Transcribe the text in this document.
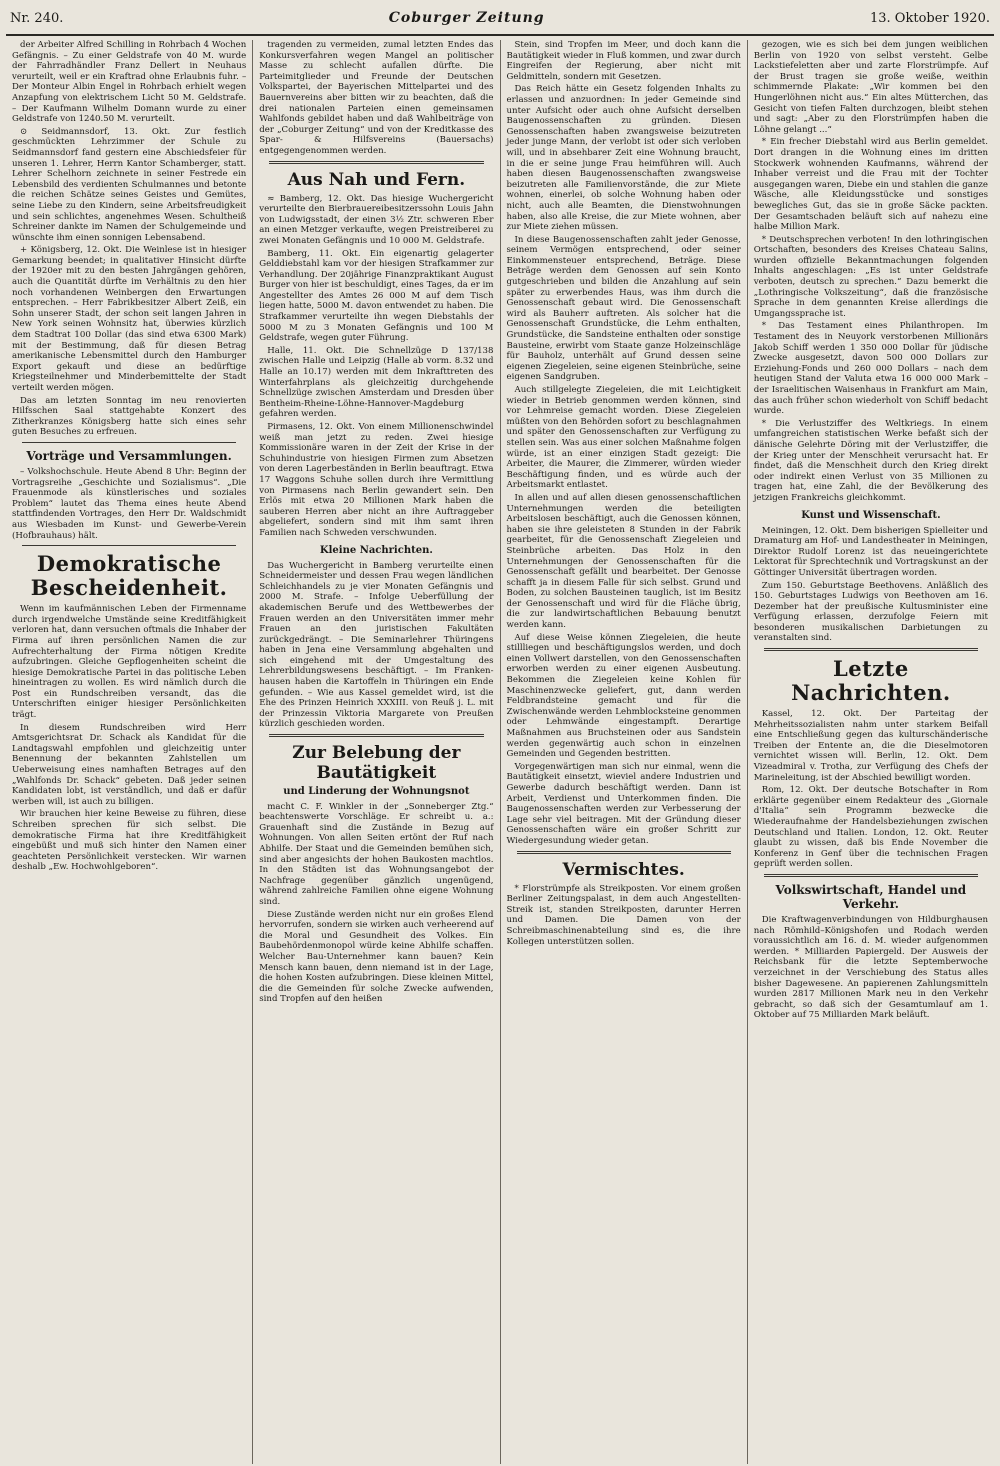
Nr. 240.	Coburger Zeitung	13. Oktober 1920.

der Arbeiter Alfred Schilling in Rohrbach 4 Wochen Gefängnis. – Zu einer Geldstrafe von 40 M. wurde der Fahrradhändler Franz Dellert in Neuhaus verurteilt, weil er ein Kraftrad ohne Erlaubnis fuhr. – Der Monteur Albin Engel in Rohrbach erhielt wegen Anzapfung von elektrischem Licht 50 M. Geldstrafe. – Der Kaufmann Wilhelm Domann wurde zu einer Geldstrafe von 1240.50 M. verurteilt.

⊙ Seidmannsdorf, 13. Okt. Zur festlich geschmückten Lehrzimmer der Schule zu Seidmannsdorf fand gestern eine Abschiedsfeier für unseren 1. Lehrer, Herrn Kantor Schamberger, statt. Lehrer Schelhorn zeichnete in seiner Festrede ein Lebensbild des verdienten Schulmannes und betonte die reichen Schätze seines Geistes und Gemütes, seine Liebe zu den Kindern, seine Arbeitsfreudigkeit und sein schlichtes, angenehmes Wesen. Schultheiß Schreiner dankte im Namen der Schulgemeinde und wünschte ihm einen sonnigen Lebensabend.

+ Königsberg, 12. Okt. Die Weinlese ist in hiesiger Gemarkung beendet; in qualitativer Hinsicht dürfte der 1920er mit zu den besten Jahrgängen gehören, auch die Quantität dürfte im Verhältnis zu den hier noch vorhandenen Weinbergen den Erwartungen entsprechen. – Herr Fabrikbesitzer Albert Zeiß, ein Sohn unserer Stadt, der schon seit langen Jahren in New York seinen Wohnsitz hat, überwies kürzlich dem Stadtrat 100 Dollar (das sind etwa 6300 Mark) mit der Bestimmung, daß für diesen Betrag amerikanische Lebensmittel durch den Hamburger Export gekauft und diese an bedürftige Kriegsteilnehmer und Minderbemittelte der Stadt verteilt werden mögen.

Das am letzten Sonntag im neu renovierten Hilfsschen Saal stattgehabte Konzert des Zitherkranzes Königsberg hatte sich eines sehr guten Besuches zu erfreuen.

Vorträge und Versammlungen.

– Volkshochschule. Heute Abend 8 Uhr: Beginn der Vortragsreihe „Geschichte und Sozialismus“. „Die Frauenmode als künstlerisches und soziales Problem“ lautet das Thema eines heute Abend stattfindenden Vortrages, den Herr Dr. Waldschmidt aus Wiesbaden im Kunst- und Gewerbe-Verein (Hofbrauhaus) hält.

Demokratische Bescheidenheit.

Wenn im kaufmännischen Leben der Firmenname durch irgendwelche Umstände seine Kreditfähigkeit verloren hat, dann versuchen oftmals die Inhaber der Firma auf ihren persönlichen Namen die zur Aufrechterhaltung der Firma nötigen Kredite aufzubringen. Gleiche Gepflogenheiten scheint die hiesige Demokratische Partei in das politische Leben hineintragen zu wollen. Es wird nämlich durch die Post ein Rundschreiben versandt, das die Unterschriften einiger hiesiger Persönlichkeiten trägt.

In diesem Rundschreiben wird Herr Amtsgerichtsrat Dr. Schack als Kandidat für die Landtagswahl empfohlen und gleichzeitig unter Benennung der bekannten Zahlstellen um Ueberweisung eines namhaften Betrages auf den „Wahlfonds Dr. Schack“ gebeten. Daß jeder seinen Kandidaten lobt, ist verständlich, und daß er dafür werben will, ist auch zu billigen.

Wir brauchen hier keine Beweise zu führen, diese Schreiben sprechen für sich selbst. Die demokratische Firma hat ihre Kreditfähigkeit eingebüßt und muß sich hinter den Namen einer geachteten Persönlichkeit verstecken. Wir warnen deshalb „Ew. Hochwohlgeboren“.

tragenden zu vermeiden, zumal letzten Endes das Konkursverfahren wegen Mangel an politischer Masse zu schlecht aufallen dürfte. Die Parteimitglieder und Freunde der Deutschen Volkspartei, der Bayerischen Mittelpartei und des Bauernvereins aber bitten wir zu beachten, daß die drei nationalen Parteien einen gemeinsamen Wahlfonds gebildet haben und daß Wahlbeiträge von der „Coburger Zeitung“ und von der Kreditkasse des Spar- & Hilfsvereins (Bauersachs) entgegengenommen werden.

Aus Nah und Fern.

≈ Bamberg, 12. Okt. Das hiesige Wuchergericht verurteilte den Bierbrauereibesitzerssohn Louis Jahn von Ludwigsstadt, der einen 3½ Ztr. schweren Eber an einen Metzger verkaufte, wegen Preistreiberei zu zwei Monaten Gefängnis und 10 000 M. Geldstrafe.

Bamberg, 11. Okt. Ein eigenartig gelagerter Gelddiebstahl kam vor der hiesigen Strafkammer zur Verhandlung. Der 20jährige Finanzpraktikant August Burger von hier ist beschuldigt, eines Tages, da er im Angestellter des Amtes 26 000 M auf dem Tisch liegen hatte, 5000 M. davon entwendet zu haben. Die Strafkammer verurteilte ihn wegen Diebstahls der 5000 M zu 3 Monaten Gefängnis und 100 M Geldstrafe, wegen guter Führung.

Halle, 11. Okt. Die Schnellzüge D 137/138 zwischen Halle und Leipzig (Halle ab vorm. 8.32 und Halle an 10.17) werden mit dem Inkrafttreten des Winterfahrplans als gleichzeitig durchgehende Schnellzüge zwischen Amsterdam und Dresden über Bentheim-Rheine-Löhne-Hannover-Magdeburg gefahren werden.

Pirmasens, 12. Okt. Von einem Millionenschwindel weiß man jetzt zu reden. Zwei hiesige Kommissionäre waren in der Zeit der Krise in der Schuhindustrie von hiesigen Firmen zum Absetzen von deren Lagerbeständen in Berlin beauftragt. Etwa 17 Waggons Schuhe sollen durch ihre Vermittlung von Pirmasens nach Berlin gewandert sein. Den Erlös mit etwa 20 Millionen Mark haben die sauberen Herren aber nicht an ihre Auftraggeber abgeliefert, sondern sind mit ihm samt ihren Familien nach Schweden verschwunden.

Kleine Nachrichten.

Das Wuchergericht in Bamberg verurteilte einen Schneidermeister und dessen Frau wegen ländlichen Schleichhandels zu je vier Monaten Gefängnis und 2000 M. Strafe. – Infolge Ueberfüllung der akademischen Berufe und des Wettbewerbes der Frauen werden an den Universitäten immer mehr Frauen an den juristischen Fakultäten zurückgedrängt. – Die Seminarlehrer Thüringens haben in Jena eine Versammlung abgehalten und sich eingehend mit der Umgestaltung des Lehrerbildungswesens beschäftigt. – Im Franken-hausen haben die Kartoffeln in Thüringen ein Ende gefunden. – Wie aus Kassel gemeldet wird, ist die Ehe des Prinzen Heinrich XXXIII. von Reuß j. L. mit der Prinzessin Viktoria Margarete von Preußen kürzlich geschieden worden.

Zur Belebung der Bautätigkeit
und Linderung der Wohnungsnot

macht C. F. Winkler in der „Sonneberger Ztg.“ beachtenswerte Vorschläge. Er schreibt u. a.: Grauenhaft sind die Zustände in Bezug auf Wohnungen. Von allen Seiten ertönt der Ruf nach Abhilfe. Der Staat und die Gemeinden bemühen sich, sind aber angesichts der hohen Baukosten machtlos. In den Städten ist das Wohnungsangebot der Nachfrage gegenüber gänzlich ungenügend, während zahlreiche Familien ohne eigene Wohnung sind.

Diese Zustände werden nicht nur ein großes Elend hervorrufen, sondern sie wirken auch verheerend auf die Moral und Gesundheit des Volkes. Ein Baubehördenmonopol würde keine Abhilfe schaffen. Welcher Bau-Unternehmer kann bauen? Kein Mensch kann bauen, denn niemand ist in der Lage, die hohen Kosten aufzubringen. Diese kleinen Mittel, die die Gemeinden für solche Zwecke aufwenden, sind Tropfen auf den heißen

Stein, sind Tropfen im Meer, und doch kann die Bautätigkeit wieder in Fluß kommen, und zwar durch Eingreifen der Regierung, aber nicht mit Geldmitteln, sondern mit Gesetzen.

Das Reich hätte ein Gesetz folgenden Inhalts zu erlassen und anzuordnen: In jeder Gemeinde sind unter Aufsicht oder auch ohne Aufsicht derselben Baugenossenschaften zu gründen. Diesen Genossenschaften haben zwangsweise beizutreten jeder junge Mann, der verlobt ist oder sich verloben will, und in absehbarer Zeit eine Wohnung braucht, in die er seine junge Frau heimführen will. Auch haben diesen Baugenossenschaften zwangsweise beizutreten alle Familienvorstände, die zur Miete wohnen, einerlei, ob solche Wohnung haben oder nicht, auch alle Beamten, die Dienstwohnungen haben, also alle Kreise, die zur Miete wohnen, aber zur Miete ziehen müssen.

In diese Baugenossenschaften zahlt jeder Genosse, seinem Vermögen entsprechend, oder seiner Einkommensteuer entsprechend, Beträge. Diese Beträge werden dem Genossen auf sein Konto gutgeschrieben und bilden die Anzahlung auf sein später zu erwerbendes Haus, was ihm durch die Genossenschaft gebaut wird. Die Genossenschaft wird als Bauherr auftreten. Als solcher hat die Genossenschaft Grundstücke, die Lehm enthalten, Grundstücke, die Sandsteine enthalten oder sonstige Bausteine, erwirbt vom Staate ganze Holzeinschläge für Bauholz, unterhält auf Grund dessen seine eigenen Ziegeleien, seine eigenen Steinbrüche, seine eigenen Sandgruben.

Auch stillgelegte Ziegeleien, die mit Leichtigkeit wieder in Betrieb genommen werden können, sind vor Lehmreise gemacht worden. Diese Ziegeleien müßten von den Behörden sofort zu beschlagnahmen und später den Genossenschaften zur Verfügung zu stellen sein. Was aus einer solchen Maßnahme folgen würde, ist an einer einzigen Stadt gezeigt: Die Arbeiter, die Maurer, die Zimmerer, würden wieder Beschäftigung finden, und es würde auch der Arbeitsmarkt entlastet.

In allen und auf allen diesen genossenschaftlichen Unternehmungen werden die beteiligten Arbeitslosen beschäftigt, auch die Genossen können, haben sie ihre geleisteten 8 Stunden in der Fabrik gearbeitet, für die Genossenschaft Ziegeleien und Steinbrüche arbeiten. Das Holz in den Unternehmungen der Genossenschaften für die Genossenschaft gefällt und bearbeitet. Der Genosse schafft ja in diesem Falle für sich selbst. Grund und Boden, zu solchen Bausteinen tauglich, ist im Besitz der Genossenschaft und wird für die Fläche übrig, die zur landwirtschaftlichen Bebauung benutzt werden kann.

Auf diese Weise können Ziegeleien, die heute stillliegen und beschäftigungslos werden, und doch einen Vollwert darstellen, von den Genossenschaften erworben werden zu einer eigenen Ausbeutung. Bekommen die Ziegeleien keine Kohlen für Maschinenzwecke geliefert, gut, dann werden Feldbrandsteine gemacht und für die Zwischenwände werden Lehmblocksteine genommen oder Lehmwände eingestampft. Derartige Maßnahmen aus Bruchsteinen oder aus Sandstein werden gegenwärtig auch schon in einzelnen Gemeinden und Gegenden bestritten.

Vorgegenwärtigen man sich nur einmal, wenn die Bautätigkeit einsetzt, wieviel andere Industrien und Gewerbe dadurch beschäftigt werden. Dann ist Arbeit, Verdienst und Unterkommen finden. Die Baugenossenschaften werden zur Verbesserung der Lage sehr viel beitragen. Mit der Gründung dieser Genossenschaften wäre ein großer Schritt zur Wiedergesundung wieder getan.

Vermischtes.

* Florstrümpfe als Streikposten. Vor einem großen Berliner Zeitungspalast, in dem auch Angestellten-Streik ist, standen Streikposten, darunter Herren und Damen. Die Damen von der Schreibmaschinenabteilung sind es, die ihre Kollegen unterstützen sollen.

gezogen, wie es sich bei dem jungen weiblichen Berlin von 1920 von selbst versteht. Gelbe Lackstiefeletten aber und zarte Florstrümpfe. Auf der Brust tragen sie große weiße, weithin schimmernde Plakate: „Wir kommen bei den Hungerlöhnen nicht aus.“ Ein altes Mütterchen, das Gesicht von tiefen Falten durchzogen, bleibt stehen und sagt: „Aber zu den Florstrümpfen haben die Löhne gelangt ...“

* Ein frecher Diebstahl wird aus Berlin gemeldet. Dort drangen in die Wohnung eines im dritten Stockwerk wohnenden Kaufmanns, während der Inhaber verreist und die Frau mit der Tochter ausgegangen waren, Diebe ein und stahlen die ganze Wäsche, alle Kleidungsstücke und sonstiges bewegliches Gut, das sie in große Säcke packten. Der Gesamtschaden beläuft sich auf nahezu eine halbe Million Mark.

* Deutschsprechen verboten! In den lothringischen Ortschaften, besonders des Kreises Chateau Salins, wurden offizielle Bekanntmachungen folgenden Inhalts angeschlagen: „Es ist unter Geldstrafe verboten, deutsch zu sprechen.“ Dazu bemerkt die „Lothringische Volkszeitung“, daß die französische Sprache in dem genannten Kreise allerdings die Umgangssprache ist.

* Das Testament eines Philanthropen. Im Testament des in Neuyork verstorbenen Millionärs Jakob Schiff werden 1 350 000 Dollar für jüdische Zwecke ausgesetzt, davon 500 000 Dollars zur Erziehung-Fonds und 260 000 Dollars – nach dem heutigen Stand der Valuta etwa 16 000 000 Mark – der Israelitischen Waisenhaus in Frankfurt am Main, das auch früher schon wiederholt von Schiff bedacht wurde.

* Die Verlustziffer des Weltkriegs. In einem umfangreichen statistischen Werke befaßt sich der dänische Gelehrte Döring mit der Verlustziffer, die der Krieg unter der Menschheit verursacht hat. Er findet, daß die Menschheit durch den Krieg direkt oder indirekt einen Verlust von 35 Millionen zu tragen hat, eine Zahl, die der Bevölkerung des jetzigen Frankreichs gleichkommt.

Kunst und Wissenschaft.

Meiningen, 12. Okt. Dem bisherigen Spielleiter und Dramaturg am Hof- und Landestheater in Meiningen, Direktor Rudolf Lorenz ist das neueingerichtete Lektorat für Sprechtechnik und Vortragskunst an der Göttinger Universität übertragen worden.

Zum 150. Geburtstage Beethovens. Anläßlich des 150. Geburtstages Ludwigs von Beethoven am 16. Dezember hat der preußische Kultusminister eine Verfügung erlassen, derzufolge Feiern mit besonderen musikalischen Darbietungen zu veranstalten sind.

Letzte Nachrichten.

Kassel, 12. Okt. Der Parteitag der Mehrheitssozialisten nahm unter starkem Beifall eine Entschließung gegen das kulturschänderische Treiben der Entente an, die die Dieselmotoren vernichtet wissen will. Berlin, 12. Okt. Dem Vizeadmiral v. Trotha, zur Verfügung des Chefs der Marineleitung, ist der Abschied bewilligt worden.

Rom, 12. Okt. Der deutsche Botschafter in Rom erklärte gegenüber einem Redakteur des „Giornale d'Italia“ sein Programm bezwecke die Wiederaufnahme der Handelsbeziehungen zwischen Deutschland und Italien. London, 12. Okt. Reuter glaubt zu wissen, daß bis Ende November die Konferenz in Genf über die technischen Fragen geprüft werden sollen.

Volkswirtschaft, Handel und Verkehr.

Die Kraftwagenverbindungen von Hildburghausen nach Römhild–Königshofen und Rodach werden voraussichtlich am 16. d. M. wieder aufgenommen werden. * Milliarden Papiergeld. Der Ausweis der Reichsbank für die letzte Septemberwoche verzeichnet in der Verschiebung des Status alles bisher Dagewesene. An papierenen Zahlungsmitteln wurden 2817 Millionen Mark neu in den Verkehr gebracht, so daß sich der Gesamtumlauf am 1. Oktober auf 75 Milliarden Mark beläuft.
